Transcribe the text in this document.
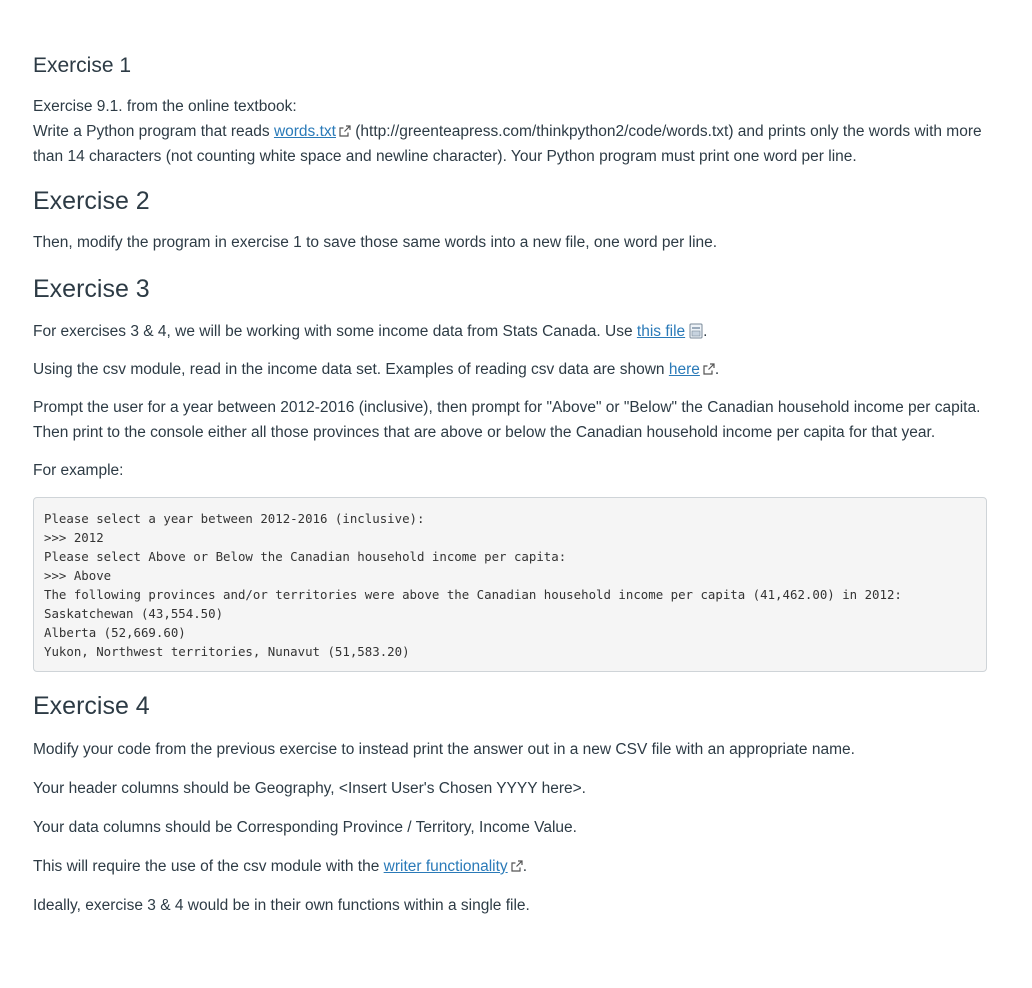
Exercise 1

Exercise 9.1. from the online textbook:

Write a Python program that reads words.txt (http://greenteapress.com/thinkpython2/code/words.txt) and prints only the words with more than 14 characters (not counting white space and newline character). Your Python program must print one word per line.

Exercise 2

Then, modify the program in exercise 1 to save those same words into a new file, one word per line.

Exercise 3

For exercises 3 & 4, we will be working with some income data from Stats Canada. Use this file .

Using the csv module, read in the income data set. Examples of reading csv data are shown here .

Prompt the user for a year between 2012-2016 (inclusive), then prompt for "Above" or "Below" the Canadian household income per capita. Then print to the console either all those provinces that are above or below the Canadian household income per capita for that year.

For example:

Please select a year between 2012-2016 (inclusive):
>>> 2012
Please select Above or Below the Canadian household income per capita:
>>> Above
The following provinces and/or territories were above the Canadian household income per capita (41,462.00) in 2012:
Saskatchewan (43,554.50)
Alberta (52,669.60)
Yukon, Northwest territories, Nunavut (51,583.20)
Exercise 4

Modify your code from the previous exercise to instead print the answer out in a new CSV file with an appropriate name.

Your header columns should be Geography, <Insert User's Chosen YYYY here>.

Your data columns should be Corresponding Province / Territory, Income Value.

This will require the use of the csv module with the writer functionality .

Ideally, exercise 3 & 4 would be in their own functions within a single file.
